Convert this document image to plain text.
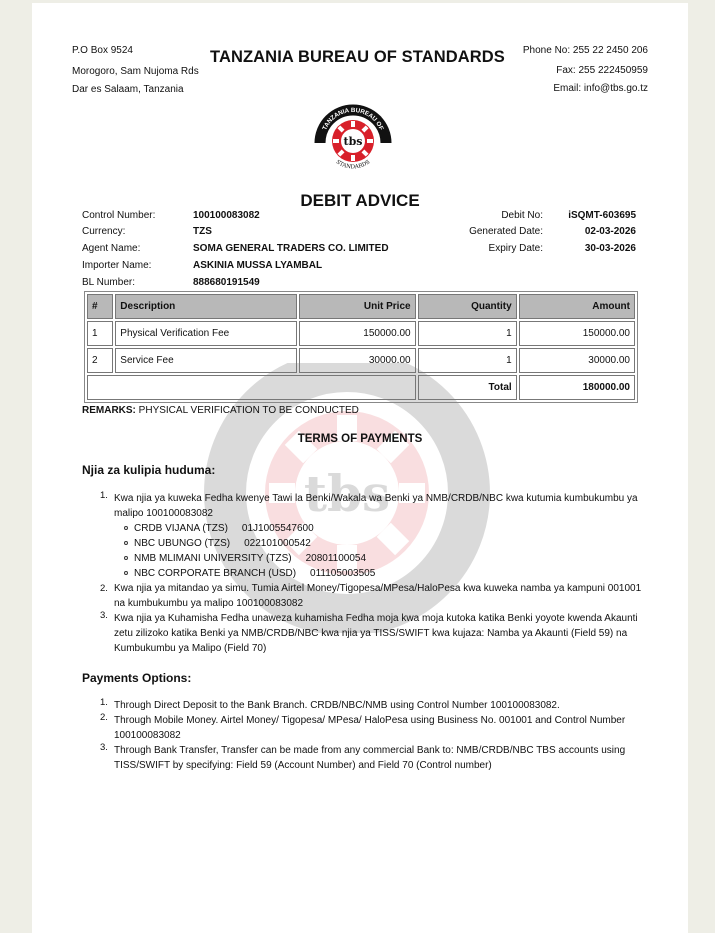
tbs
P.O Box 9524
Morogoro, Sam Nujoma Rds
Dar es Salaam, Tanzania
TANZANIA BUREAU OF STANDARDS Phone No: 255 22 2450 206
Fax: 255 222450959
Email: info@tbs.go.tz
tbs
TANZANIA BUREAU OF
STANDARDS
DEBIT ADVICE
Control Number:	100100083082
Currency:	TZS
Agent Name:	SOMA GENERAL TRADERS CO. LIMITED
Importer Name:	ASKINIA MUSSA LYAMBAL
BL Number:	888680191549
Debit No:	iSQMT-603695
Generated Date:	02-03-2026
Expiry Date:	30-03-2026
#	Description	Unit Price	Quantity	Amount
1	Physical Verification Fee	150000.00	1	150000.00
2	Service Fee	30000.00	1	30000.00
			Total	180000.00
REMARKS: PHYSICAL VERIFICATION TO BE CONDUCTED
TERMS OF PAYMENTS
Njia za kulipia huduma:
1. Kwa njia ya kuweka Fedha kwenye Tawi la Benki/Wakala wa Benki ya NMB/CRDB/NBC kwa kutumia kumbukumbu ya malipo 100100083082
CRDB VIJANA (TZS) 01J1005547600
NBC UBUNGO (TZS) 022101000542
NMB MLIMANI UNIVERSITY (TZS) 20801100054
NBC CORPORATE BRANCH (USD) 011105003505
2. Kwa njia ya mitandao ya simu. Tumia Airtel Money/Tigopesa/MPesa/HaloPesa kwa kuweka namba ya kampuni 001001 na kumbukumbu ya malipo 100100083082
3. Kwa njia ya Kuhamisha Fedha unaweza kuhamisha Fedha moja kwa moja kutoka katika Benki yoyote kwenda Akaunti zetu zilizoko katika Benki ya NMB/CRDB/NBC kwa njia ya TISS/SWIFT kwa kujaza: Namba ya Akaunti (Field 59) na Kumbukumbu ya Malipo (Field 70)
Payments Options:
1. Through Direct Deposit to the Bank Branch. CRDB/NBC/NMB using Control Number 100100083082.
2. Through Mobile Money. Airtel Money/ Tigopesa/ MPesa/ HaloPesa using Business No. 001001 and Control Number 100100083082
3. Through Bank Transfer, Transfer can be made from any commercial Bank to: NMB/CRDB/NBC TBS accounts using TISS/SWIFT by specifying: Field 59 (Account Number) and Field 70 (Control number)
